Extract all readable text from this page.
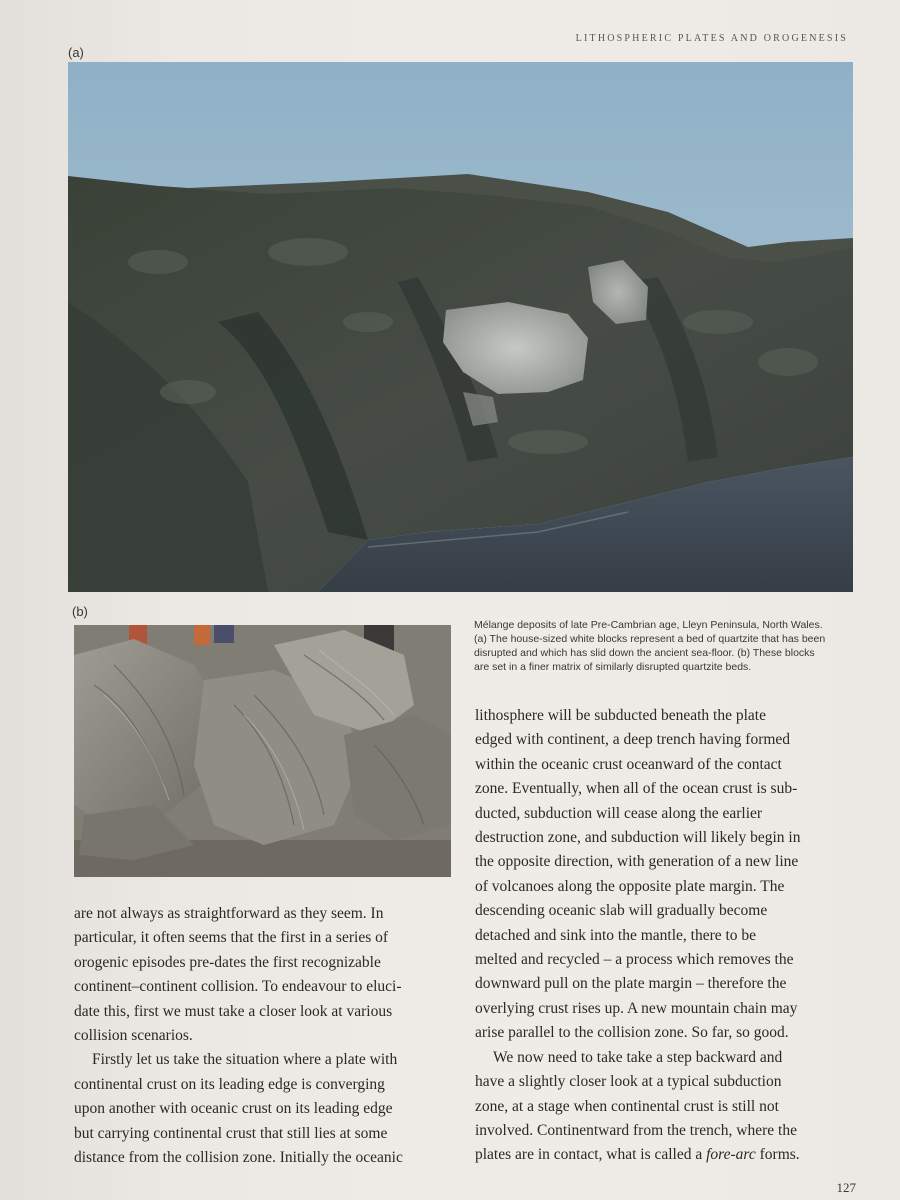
LITHOSPHERIC PLATES AND OROGENESIS
(a)
(b)

Mélange deposits of late Pre-Cambrian age, Lleyn Peninsula, North Wales.
(a) The house-sized white blocks represent a bed of quartzite that has been
disrupted and which has slid down the ancient sea-floor. (b) These blocks
are set in a finer matrix of similarly disrupted quartzite beds.

are not always as straightforward as they seem. In
particular, it often seems that the first in a series of
orogenic episodes pre-dates the first recognizable
continent–continent collision. To endeavour to eluci-
date this, first we must take a closer look at various
collision scenarios.

Firstly let us take the situation where a plate with
continental crust on its leading edge is converging
upon another with oceanic crust on its leading edge
but carrying continental crust that still lies at some
distance from the collision zone. Initially the oceanic

lithosphere will be subducted beneath the plate
edged with continent, a deep trench having formed
within the oceanic crust oceanward of the contact
zone. Eventually, when all of the ocean crust is sub-
ducted, subduction will cease along the earlier
destruction zone, and subduction will likely begin in
the opposite direction, with generation of a new line
of volcanoes along the opposite plate margin. The
descending oceanic slab will gradually become
detached and sink into the mantle, there to be
melted and recycled – a process which removes the
downward pull on the plate margin – therefore the
overlying crust rises up. A new mountain chain may
arise parallel to the collision zone. So far, so good.

We now need to take take a step backward and
have a slightly closer look at a typical subduction
zone, at a stage when continental crust is still not
involved. Continentward from the trench, where the
plates are in contact, what is called a fore-arc forms.

127
